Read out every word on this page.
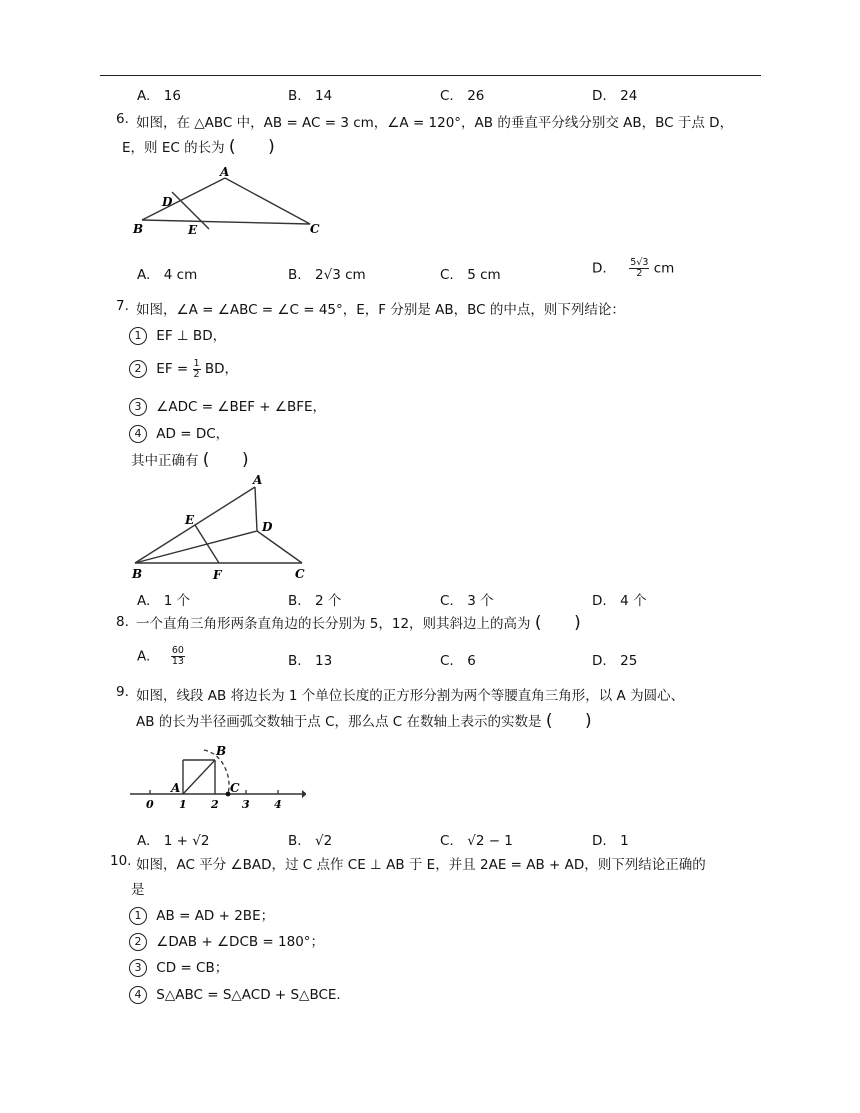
A.　16	B.　14	C.　26	D.　24
6. 如图，在 △ABC 中，AB = AC = 3 cm，∠A = 120°，AB 的垂直平分线分别交 AB，BC 于点 D，
E，则 EC 的长为 ( )
A
B	C
D
E
A.　4 cm	B.　2√3 cm	C.　5 cm	D. $\frac{5√3}{2}$ cm
7. 如图，∠A = ∠ABC = ∠C = 45°，E，F 分别是 AB，BC 的中点，则下列结论：
1 EF ⊥ BD，
2 EF = $\frac{1}{2}$ BD，
3 ∠ADC = ∠BEF + ∠BFE，
4 AD = DC，
其中正确有 ( )
A
B	C
D
E
F
A.　1 个	B.　2 个	C.　3 个	D.　4 个
8. 一个直角三角形两条直角边的长分别为 5，12，则其斜边上的高为 ( )
A. $\frac{60}{13}$	B.　13	C.　6	D.　25
9. 如图，线段 AB 将边长为 1 个单位长度的正方形分割为两个等腰直角三角形，以 A 为圆心、
AB 的长为半径画弧交数轴于点 C，那么点 C 在数轴上表示的实数是 ( )
B
A	C
0 1 2 3 4
A.　1 + √2	B.　√2	C.　√2 − 1	D.　1
10. 如图，AC 平分 ∠BAD，过 C 点作 CE ⊥ AB 于 E，并且 2AE = AB + AD，则下列结论正确的
是
1 AB = AD + 2BE；
2 ∠DAB + ∠DCB = 180°；
3 CD = CB；
4 S△ABC = S△ACD + S△BCE．
